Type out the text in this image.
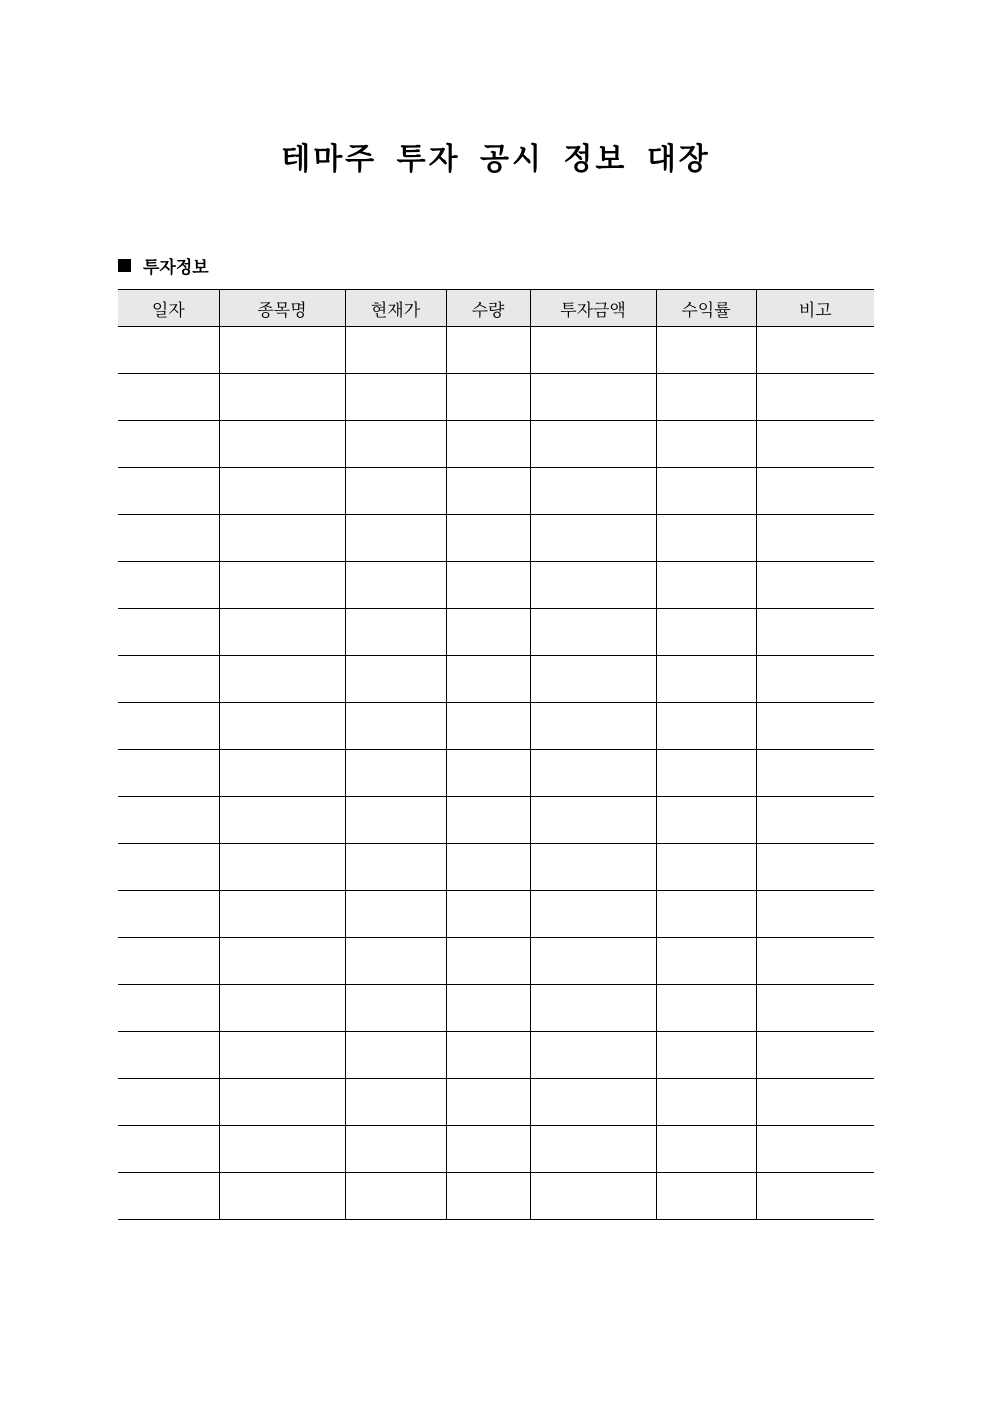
테마주 투자 공시 정보 대장
투자정보
일자	종목명	현재가	수량	투자금액	수익률	비고
